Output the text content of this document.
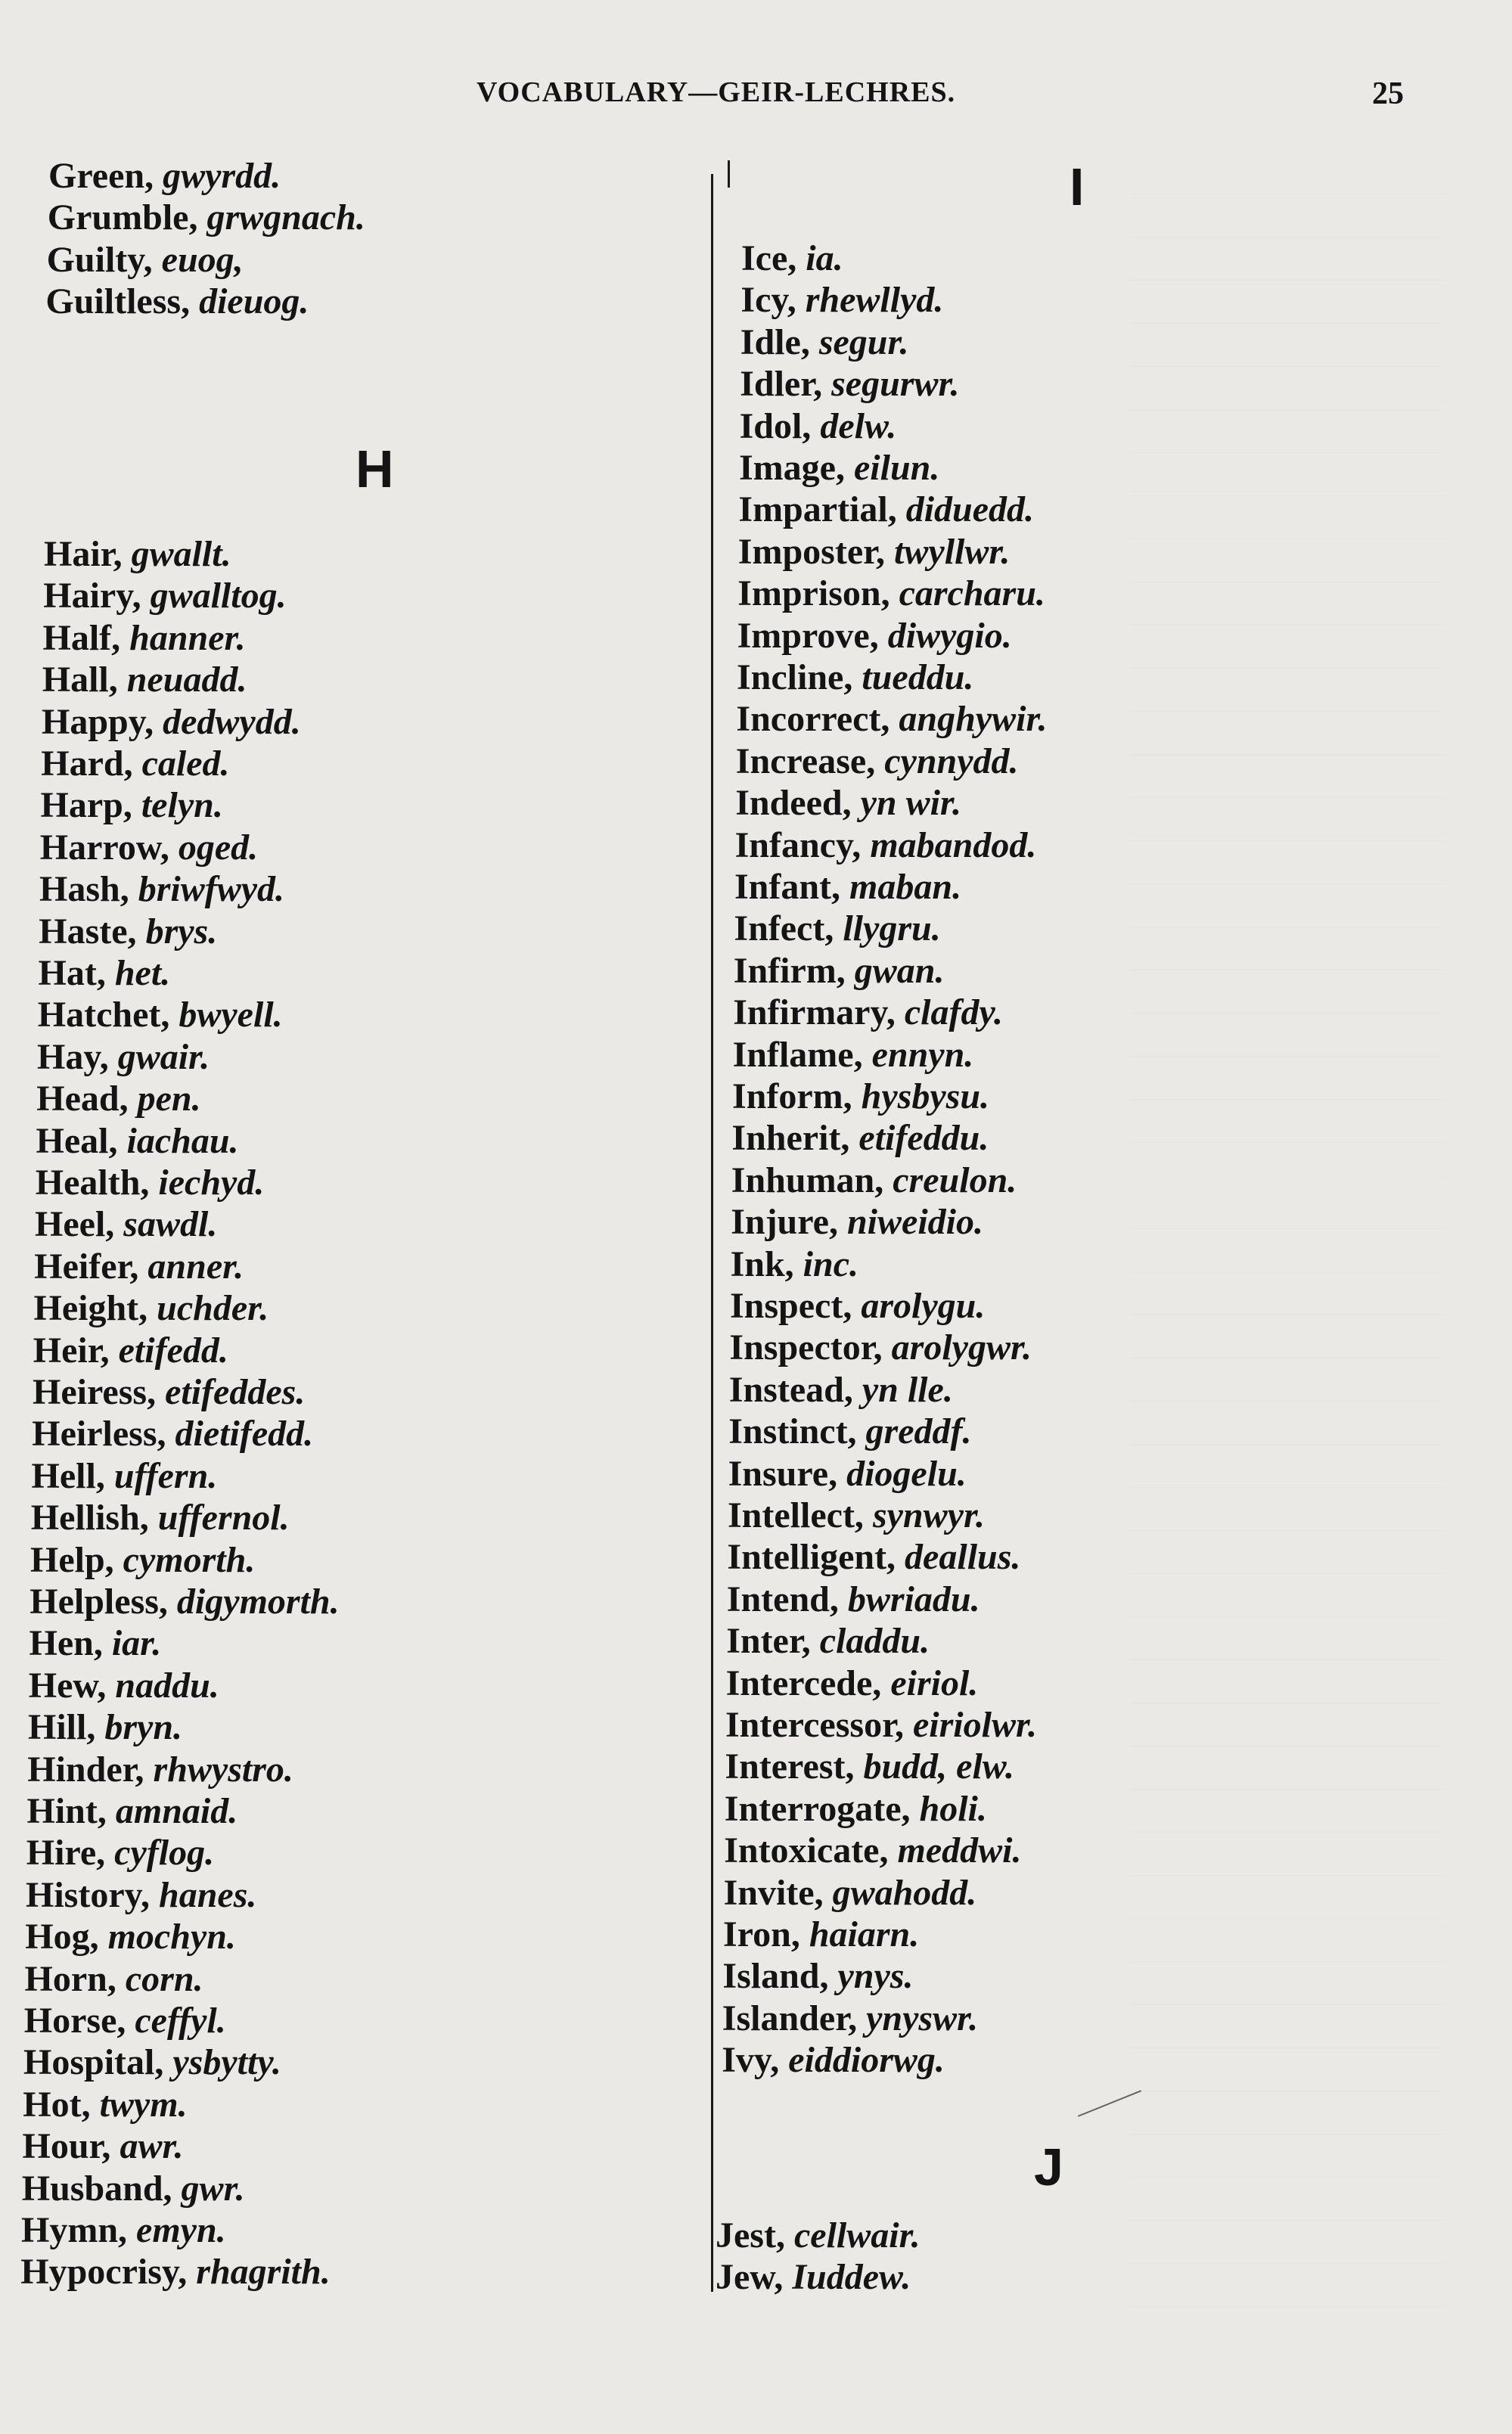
VOCABULARY—GEIR-LECHRES.	25
Green, gwyrdd.
Grumble, grwgnach.
Guilty, euog,
Guiltless, dieuog.
H
Hair, gwallt.
Hairy, gwalltog.
Half, hanner.
Hall, neuadd.
Happy, dedwydd.
Hard, caled.
Harp, telyn.
Harrow, oged.
Hash, briwfwyd.
Haste, brys.
Hat, het.
Hatchet, bwyell.
Hay, gwair.
Head, pen.
Heal, iachau.
Health, iechyd.
Heel, sawdl.
Heifer, anner.
Height, uchder.
Heir, etifedd.
Heiress, etifeddes.
Heirless, dietifedd.
Hell, uffern.
Hellish, uffernol.
Help, cymorth.
Helpless, digymorth.
Hen, iar.
Hew, naddu.
Hill, bryn.
Hinder, rhwystro.
Hint, amnaid.
Hire, cyflog.
History, hanes.
Hog, mochyn.
Horn, corn.
Horse, ceffyl.
Hospital, ysbytty.
Hot, twym.
Hour, awr.
Husband, gwr.
Hymn, emyn.
Hypocrisy, rhagrith.
I
Ice, ia.
Icy, rhewllyd.
Idle, segur.
Idler, segurwr.
Idol, delw.
Image, eilun.
Impartial, diduedd.
Imposter, twyllwr.
Imprison, carcharu.
Improve, diwygio.
Incline, tueddu.
Incorrect, anghywir.
Increase, cynnydd.
Indeed, yn wir.
Infancy, mabandod.
Infant, maban.
Infect, llygru.
Infirm, gwan.
Infirmary, clafdy.
Inflame, ennyn.
Inform, hysbysu.
Inherit, etifeddu.
Inhuman, creulon.
Injure, niweidio.
Ink, inc.
Inspect, arolygu.
Inspector, arolygwr.
Instead, yn lle.
Instinct, greddf.
Insure, diogelu.
Intellect, synwyr.
Intelligent, deallus.
Intend, bwriadu.
Inter, claddu.
Intercede, eiriol.
Intercessor, eiriolwr.
Interest, budd, elw.
Interrogate, holi.
Intoxicate, meddwi.
Invite, gwahodd.
Iron, haiarn.
Island, ynys.
Islander, ynyswr.
Ivy, eiddiorwg.
J
Jest, cellwair.
Jew, Iuddew.
